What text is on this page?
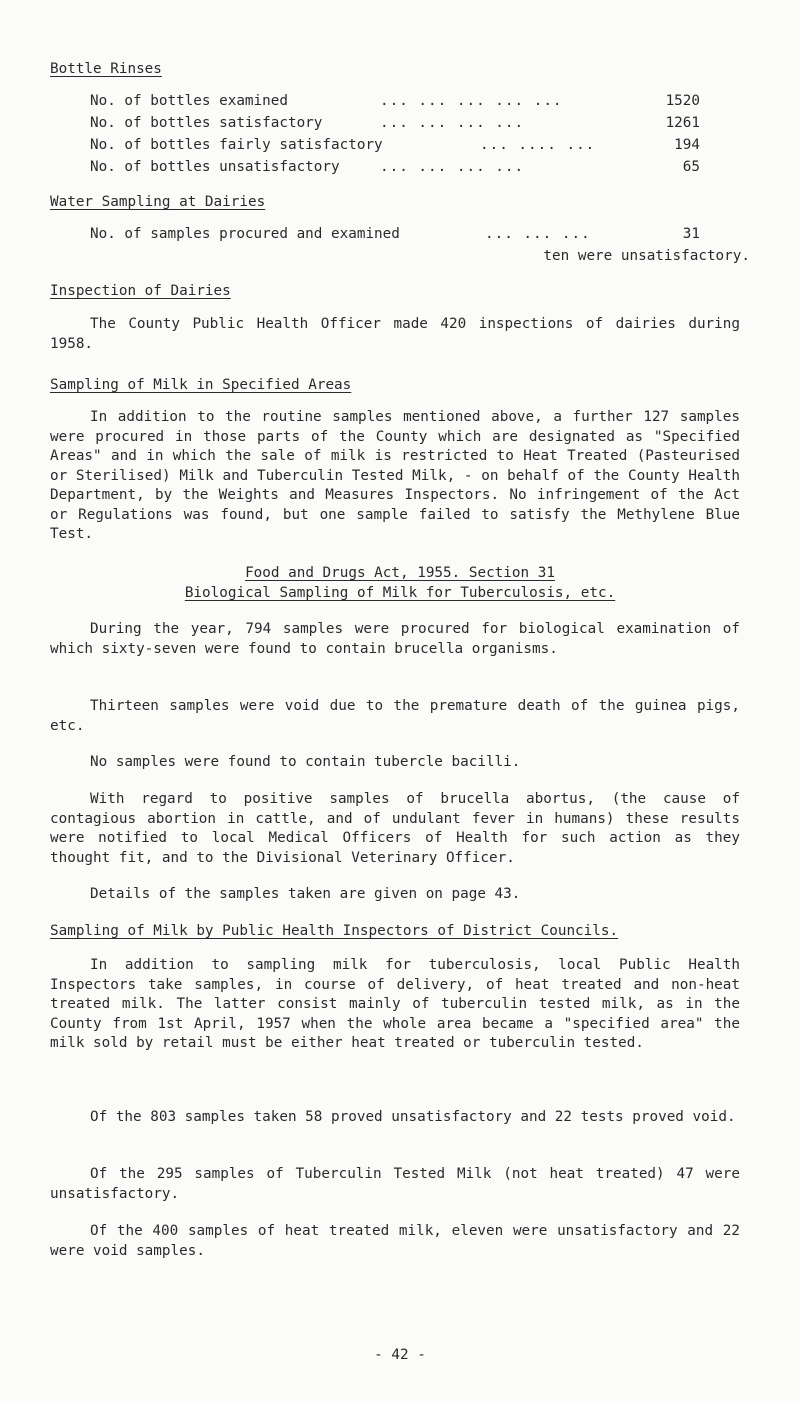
Bottle Rinses
No. of bottles examined	... ... ... ... ...	1520
No. of bottles satisfactory	... ... ... ...	1261
No. of bottles fairly satisfactory	... .... ...	194
No. of bottles unsatisfactory	... ... ... ...	65
Water Sampling at Dairies
No. of samples procured and examined	... ... ...	31
ten were unsatisfactory.
Inspection of Dairies
The County Public Health Officer made 420 inspections of dairies during 1958.
Sampling of Milk in Specified Areas
In addition to the routine samples mentioned above, a further 127 samples were procured in those parts of the County which are designated as "Specified Areas" and in which the sale of milk is restricted to Heat Treated (Pasteurised or Sterilised) Milk and Tuberculin Tested Milk, - on behalf of the County Health Department, by the Weights and Measures Inspectors. No infringement of the Act or Regulations was found, but one sample failed to satisfy the Methylene Blue Test.
Food and Drugs Act, 1955. Section 31
Biological Sampling of Milk for Tuberculosis, etc.
During the year, 794 samples were procured for biological examination of which sixty-seven were found to contain brucella organisms.
Thirteen samples were void due to the premature death of the guinea pigs, etc.
No samples were found to contain tubercle bacilli.
With regard to positive samples of brucella abortus, (the cause of contagious abortion in cattle, and of undulant fever in humans) these results were notified to local Medical Officers of Health for such action as they thought fit, and to the Divisional Veterinary Officer.
Details of the samples taken are given on page 43.
Sampling of Milk by Public Health Inspectors of District Councils.
In addition to sampling milk for tuberculosis, local Public Health Inspectors take samples, in course of delivery, of heat treated and non-heat treated milk. The latter consist mainly of tuberculin tested milk, as in the County from 1st April, 1957 when the whole area became a "specified area" the milk sold by retail must be either heat treated or tuberculin tested.
Of the 803 samples taken 58 proved unsatisfactory and 22 tests proved void.
Of the 295 samples of Tuberculin Tested Milk (not heat treated) 47 were unsatisfactory.
Of the 400 samples of heat treated milk, eleven were unsatisfactory and 22 were void samples.
- 42 -
